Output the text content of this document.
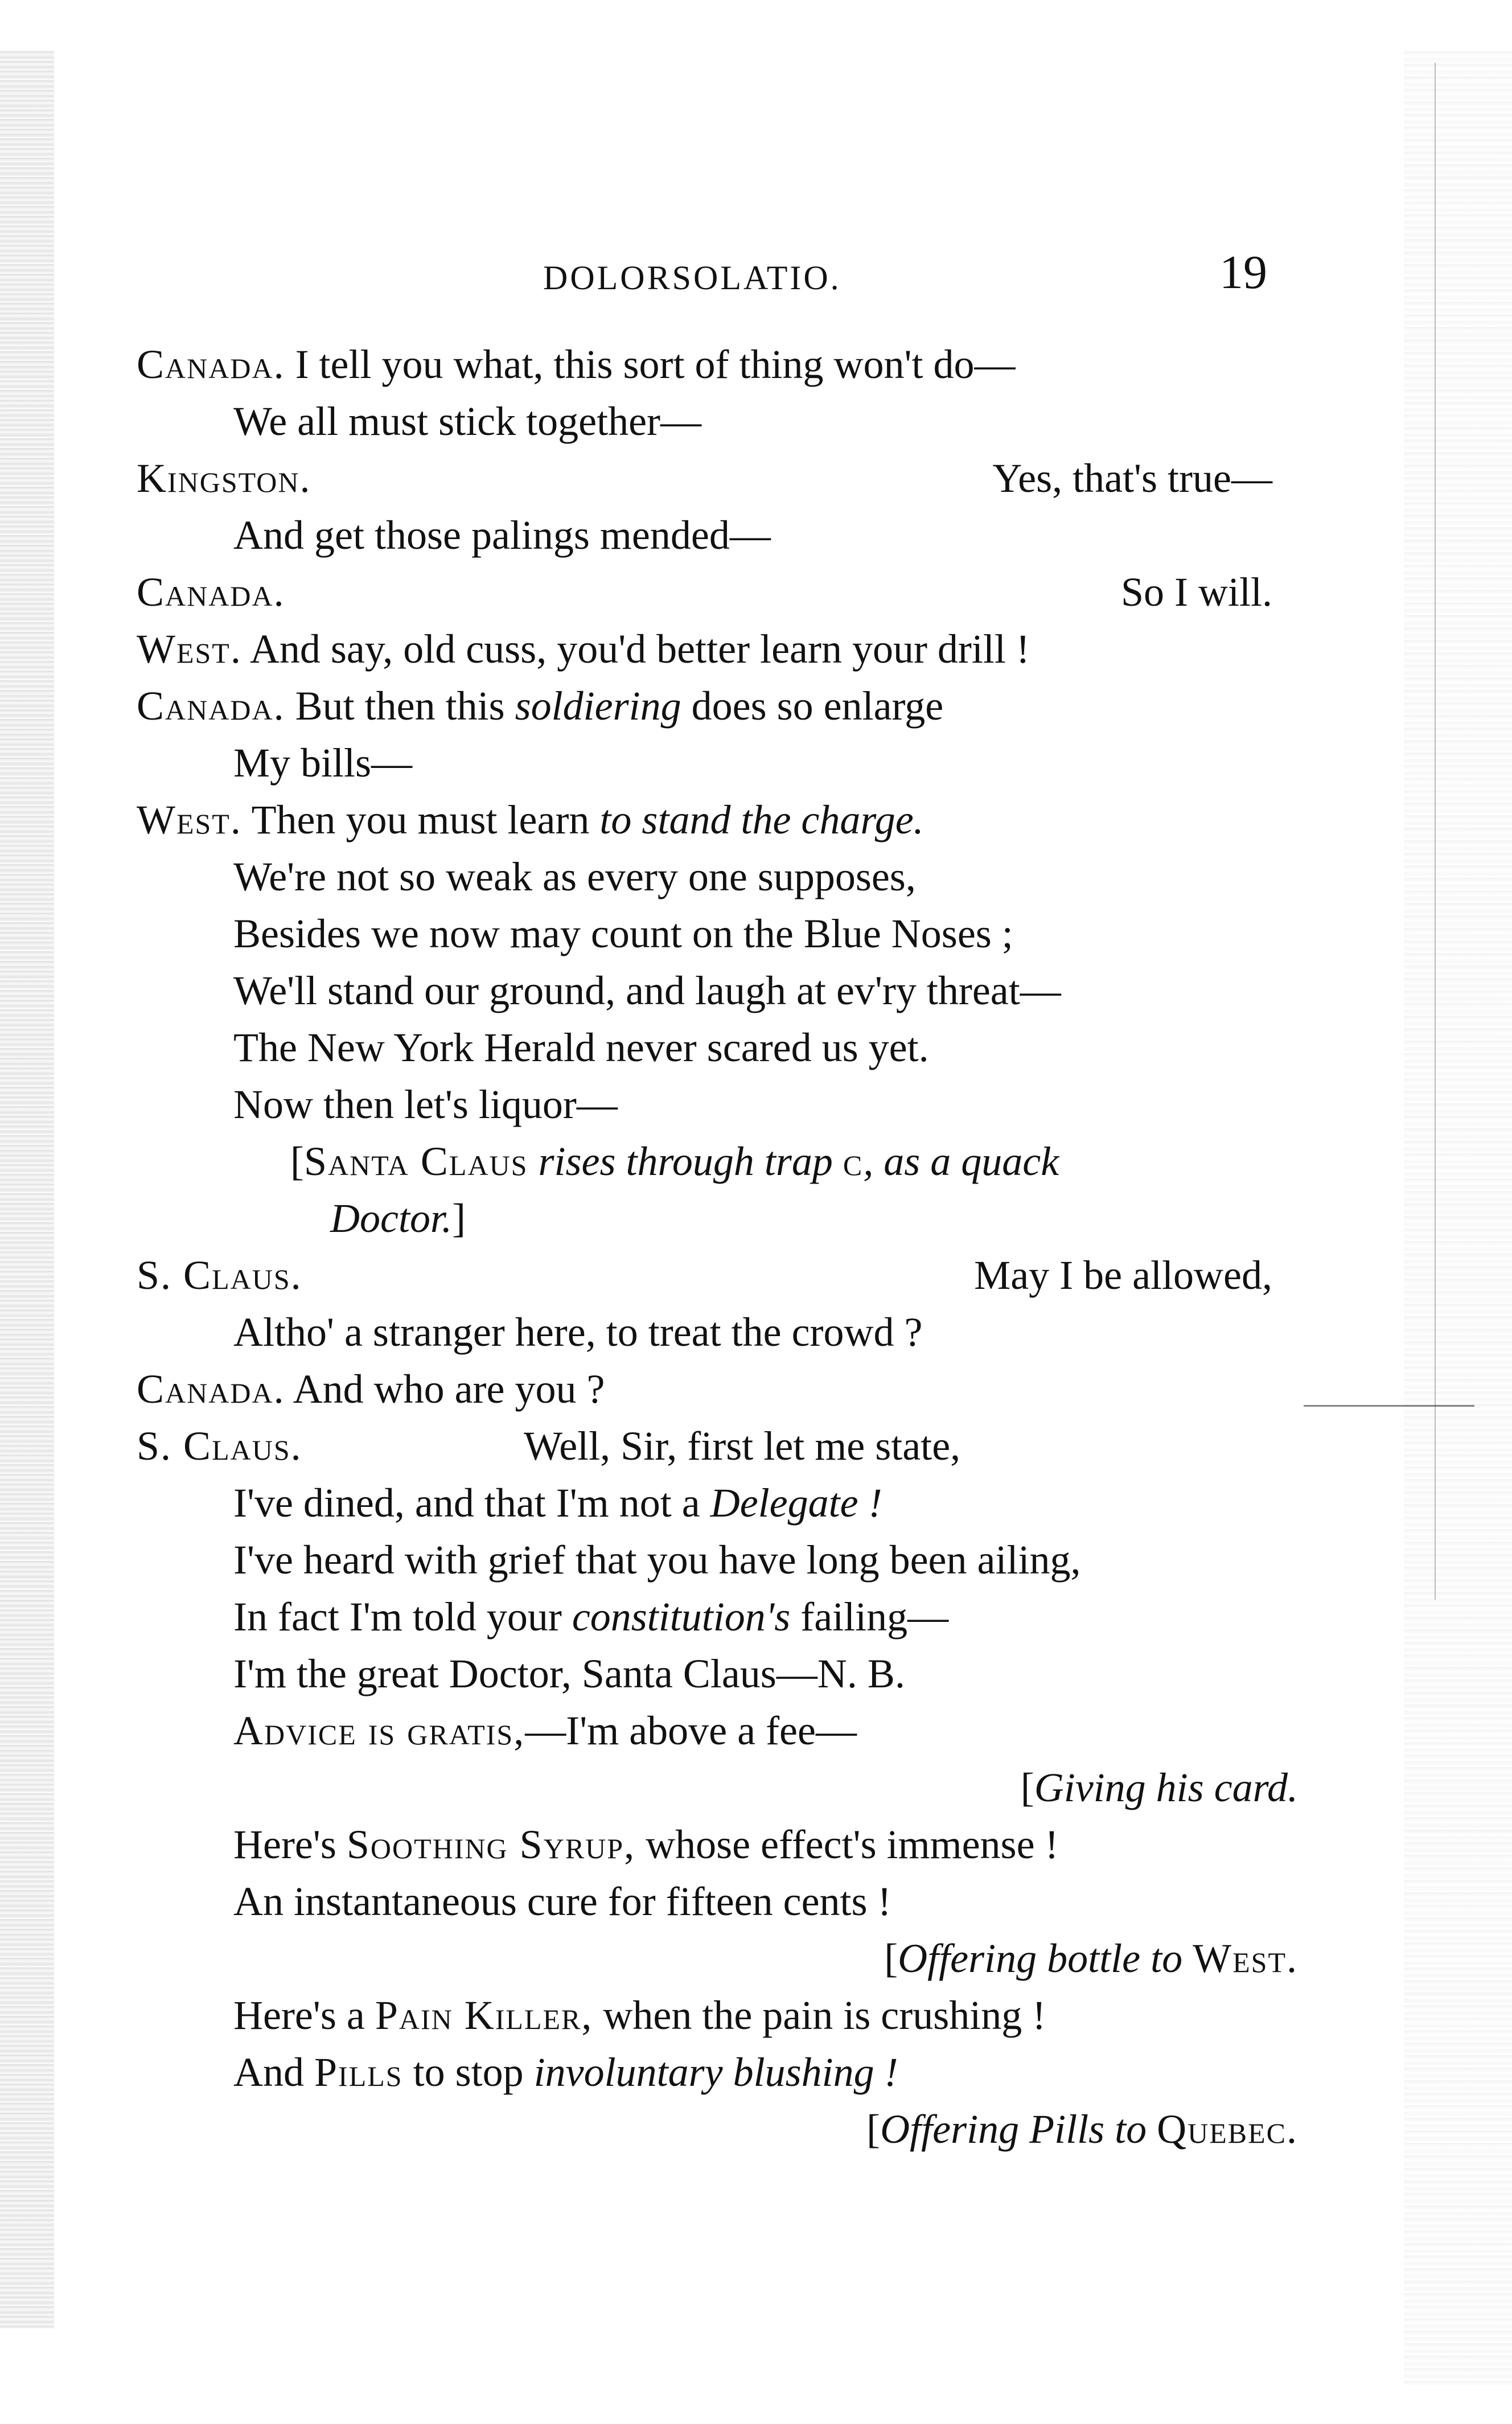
DOLORSOLATIO.	19
Canada. I tell you what, this sort of thing won't do—
We all must stick together—
Kingston.	Yes, that's true—
And get those palings mended—
Canada.	So I will.
West. And say, old cuss, you'd better learn your drill !
Canada. But then this soldiering does so enlarge
My bills—
West. Then you must learn to stand the charge.
We're not so weak as every one supposes,
Besides we now may count on the Blue Noses ;
We'll stand our ground, and laugh at ev'ry threat—
The New York Herald never scared us yet.
Now then let's liquor—
[Santa Claus rises through trap c, as a quack
Doctor.]
S. Claus.	May I be allowed,
Altho' a stranger here, to treat the crowd ?
Canada. And who are you ?
S. Claus.	Well, Sir, first let me state,
I've dined, and that I'm not a Delegate !
I've heard with grief that you have long been ailing,
In fact I'm told your constitution's failing—
I'm the great Doctor, Santa Claus—N. B.
Advice is gratis,—I'm above a fee—
[Giving his card.
Here's Soothing Syrup, whose effect's immense !
An instantaneous cure for fifteen cents !
[Offering bottle to West.
Here's a Pain Killer, when the pain is crushing !
And Pills to stop involuntary blushing !
[Offering Pills to Quebec.
